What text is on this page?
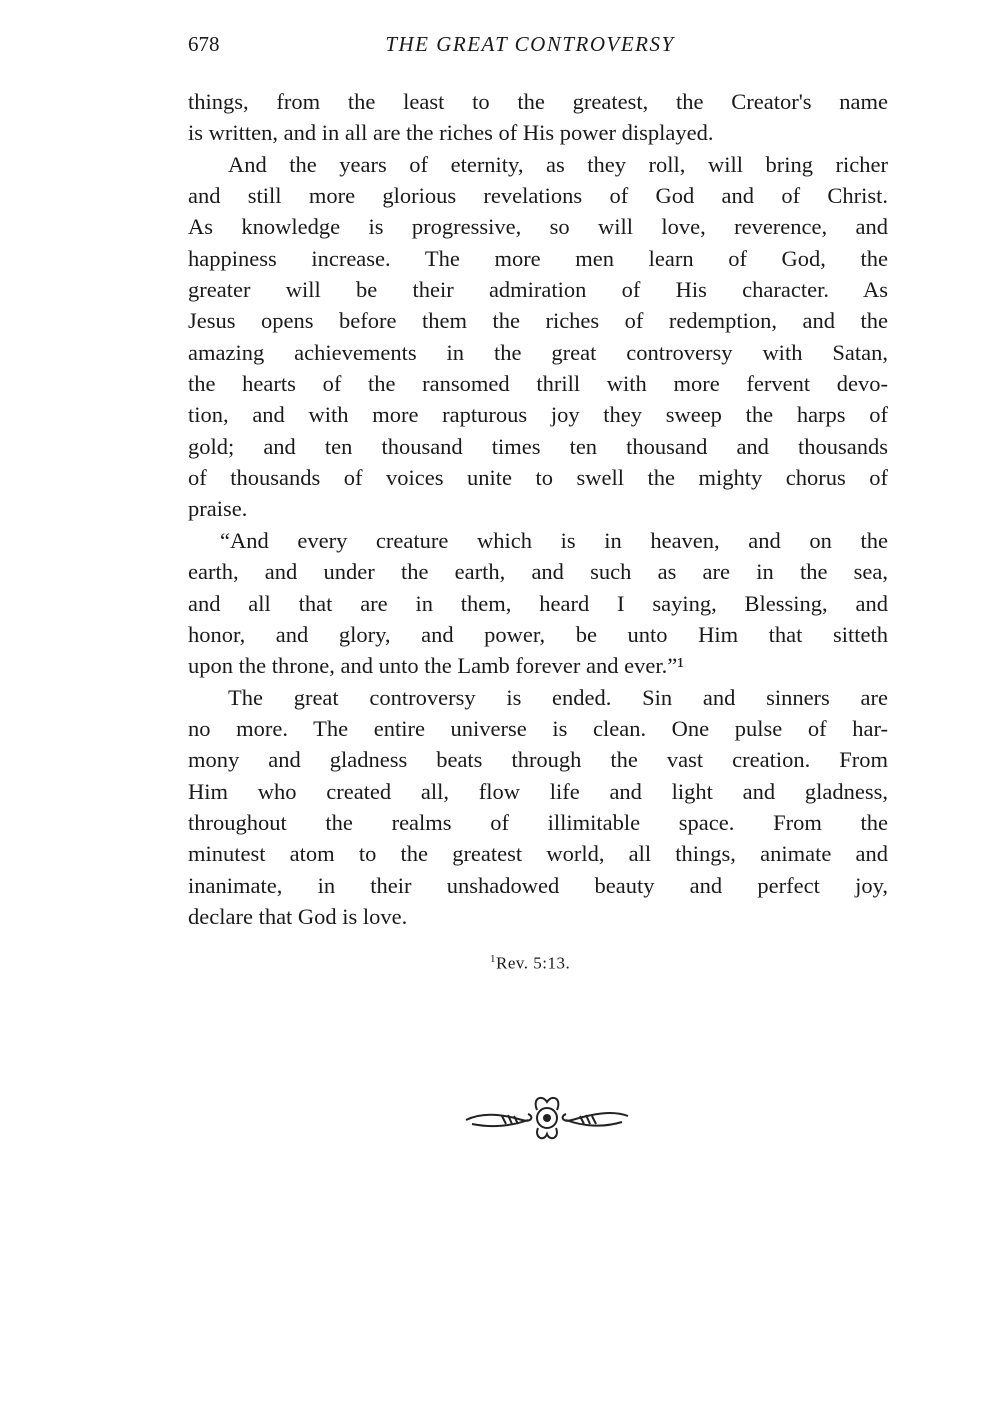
678	THE GREAT CONTROVERSY
things, from the least to the greatest, the Creator's name
is written, and in all are the riches of His power displayed.
And the years of eternity, as they roll, will bring richer
and still more glorious revelations of God and of Christ.
As knowledge is progressive, so will love, reverence, and
happiness increase. The more men learn of God, the
greater will be their admiration of His character. As
Jesus opens before them the riches of redemption, and the
amazing achievements in the great controversy with Satan,
the hearts of the ransomed thrill with more fervent devo-
tion, and with more rapturous joy they sweep the harps of
gold; and ten thousand times ten thousand and thousands
of thousands of voices unite to swell the mighty chorus of
praise.
“And every creature which is in heaven, and on the
earth, and under the earth, and such as are in the sea,
and all that are in them, heard I saying, Blessing, and
honor, and glory, and power, be unto Him that sitteth
upon the throne, and unto the Lamb forever and ever.”¹
The great controversy is ended. Sin and sinners are
no more. The entire universe is clean. One pulse of har-
mony and gladness beats through the vast creation. From
Him who created all, flow life and light and gladness,
throughout the realms of illimitable space. From the
minutest atom to the greatest world, all things, animate and
inanimate, in their unshadowed beauty and perfect joy,
declare that God is love.
$^1$Rev. 5:13.
